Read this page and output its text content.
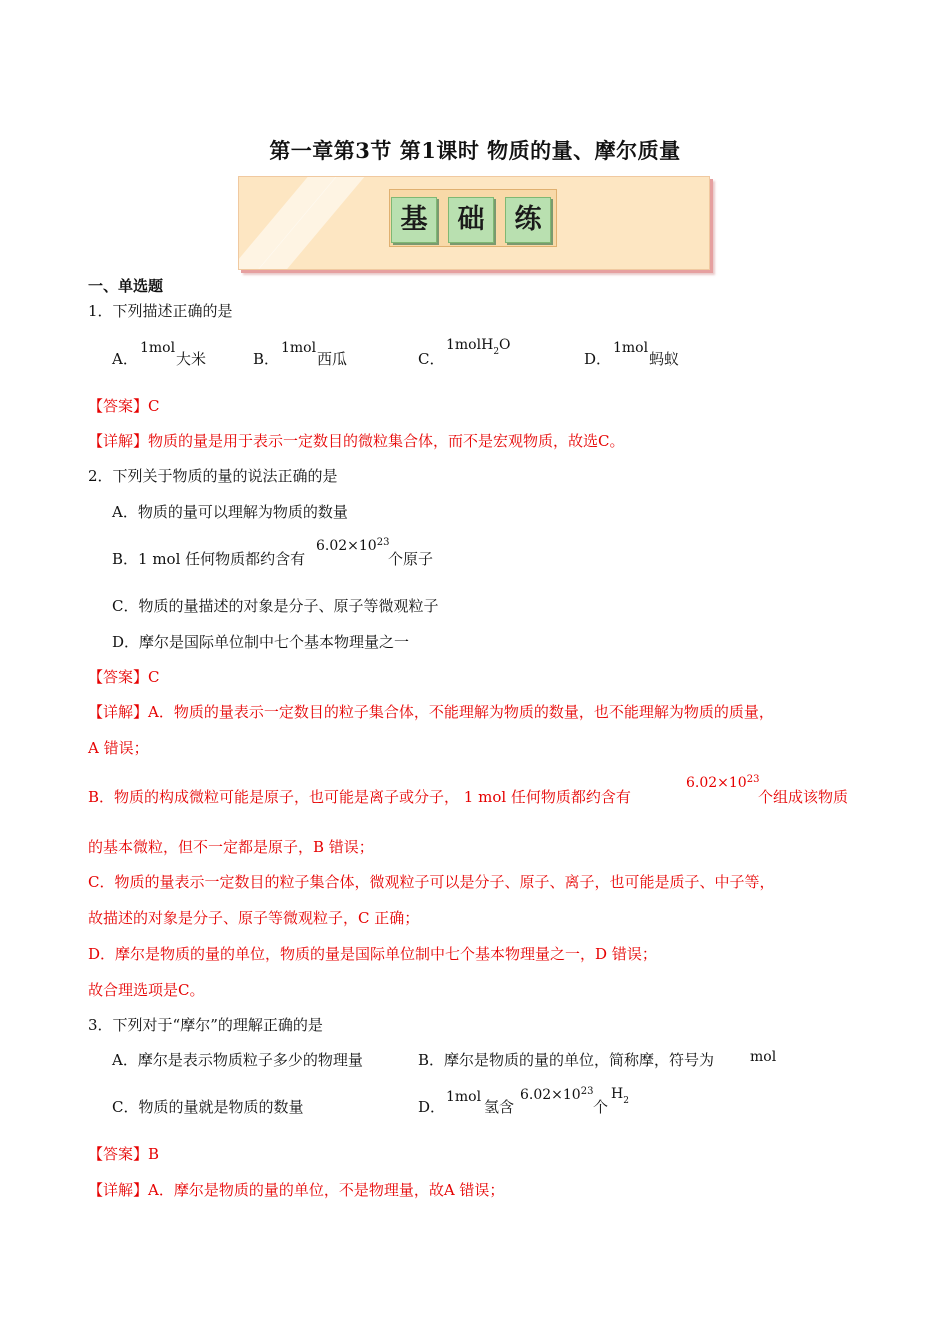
第一章第3节 第1课时 物质的量、摩尔质量
基	础	练
一、单选题
1．下列描述正确的是
A．
1mol
大米	B．
1mol
西瓜	C．
1molH$_2$O
D．
1mol
蚂蚁
【答案】C
【详解】物质的量是用于表示一定数目的微粒集合体，而不是宏观物质，故选C。
2．下列关于物质的量的说法正确的是
A．物质的量可以理解为物质的数量
B．1 mol 任何物质都约含有
$6.02\times 10^{23}$
个原子
C．物质的量描述的对象是分子、原子等微观粒子
D．摩尔是国际单位制中七个基本物理量之一
【答案】C
【详解】A．物质的量表示一定数目的粒子集合体，不能理解为物质的数量，也不能理解为物质的质量，
A 错误；
B．物质的构成微粒可能是原子，也可能是离子或分子， 1 mol 任何物质都约含有
$6.02\times 10^{23}$
个组成该物质
的基本微粒，但不一定都是原子，B 错误；
C．物质的量表示一定数目的粒子集合体，微观粒子可以是分子、原子、离子，也可能是质子、中子等，
故描述的对象是分子、原子等微观粒子，C 正确；
D．摩尔是物质的量的单位，物质的量是国际单位制中七个基本物理量之一，D 错误；
故合理选项是C。
3．下列对于“摩尔”的理解正确的是
A．摩尔是表示物质粒子多少的物理量	B．摩尔是物质的量的单位，简称摩，符号为	mol
C．物质的量就是物质的数量	D．
1mol
氢含
$6.02\times 10^{23}$
个
$H_2$
【答案】B
【详解】A．摩尔是物质的量的单位，不是物理量，故A 错误；
